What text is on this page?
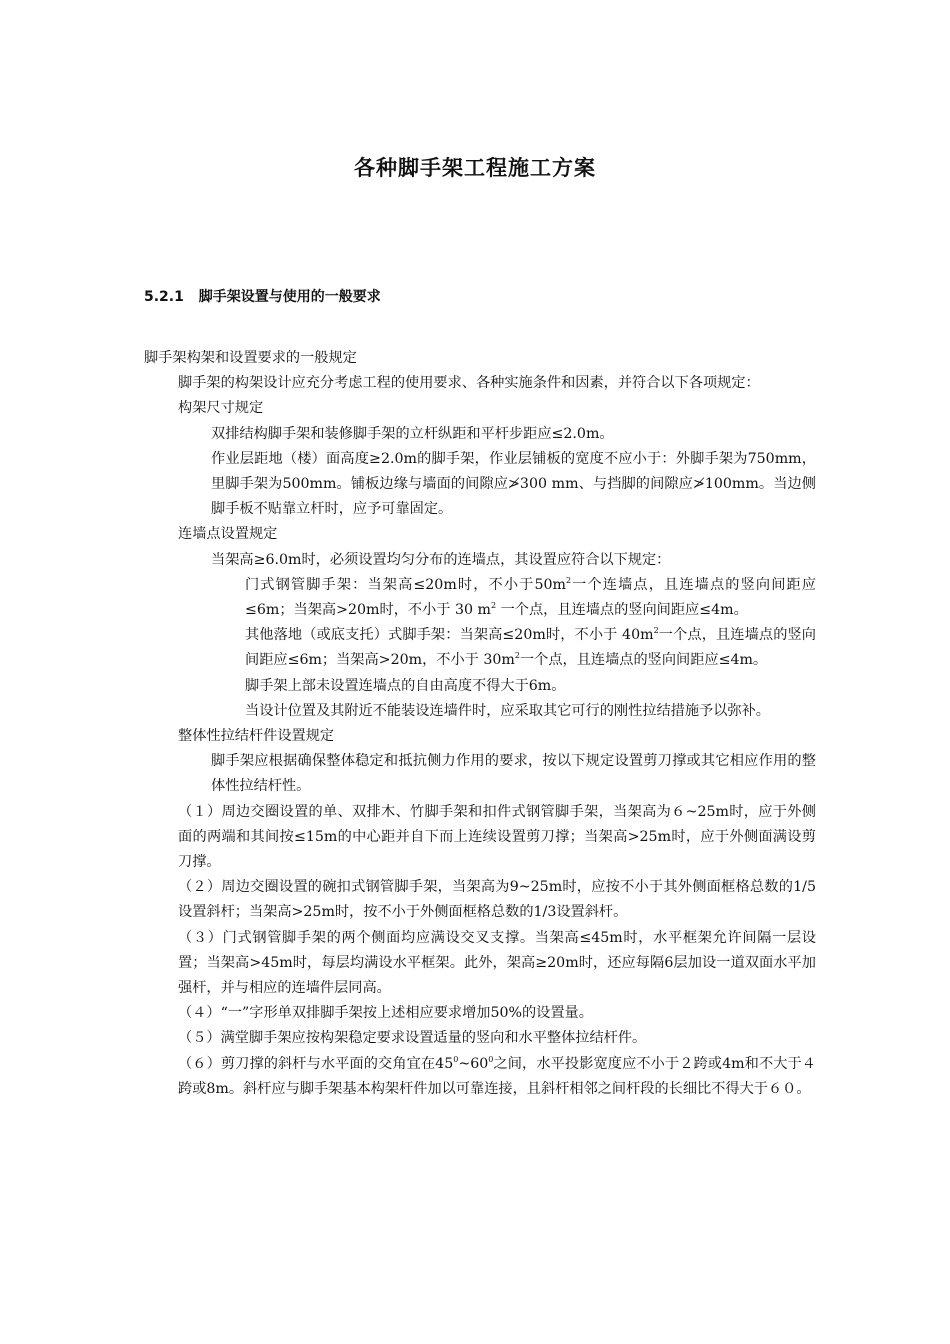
各种脚手架工程施工方案
5.2.1 脚手架设置与使用的一般要求

脚手架构架和设置要求的一般规定

脚手架的构架设计应充分考虑工程的使用要求、各种实施条件和因素，并符合以下各项规定：

构架尺寸规定

双排结构脚手架和装修脚手架的立杆纵距和平杆步距应≤2.0m。

作业层距地（楼）面高度≥2.0m的脚手架，作业层铺板的宽度不应小于：外脚手架为750mm，里脚手架为500mm。铺板边缘与墙面的间隙应≯300 mm、与挡脚的间隙应≯100mm。当边侧脚手板不贴靠立杆时，应予可靠固定。

连墙点设置规定

当架高≥6.0m时，必须设置均匀分布的连墙点，其设置应符合以下规定：

门式钢管脚手架：当架高≤20m时，不小于$50m^2$一个连墙点，且连墙点的竖向间距应≤6m；当架高>20m时，不小于 30 $m^2$ 一个点，且连墙点的竖向间距应≤4m。

其他落地（或底支托）式脚手架：当架高≤20m时，不小于 $40m^2$一个点，且连墙点的竖向间距应≤6m；当架高>20m，不小于 $30m^2$一个点，且连墙点的竖向间距应≤4m。

脚手架上部未设置连墙点的自由高度不得大于6m。

当设计位置及其附近不能装设连墙件时，应采取其它可行的刚性拉结措施予以弥补。

整体性拉结杆件设置规定

脚手架应根据确保整体稳定和抵抗侧力作用的要求，按以下规定设置剪刀撑或其它相应作用的整体性拉结杆性。

（１）周边交圈设置的单、双排木、竹脚手架和扣件式钢管脚手架，当架高为６~25m时，应于外侧面的两端和其间按≤15m的中心距并自下而上连续设置剪刀撑；当架高>25m时，应于外侧面满设剪刀撑。

（２）周边交圈设置的碗扣式钢管脚手架，当架高为9~25m时，应按不小于其外侧面框格总数的1/5设置斜杆；当架高>25m时，按不小于外侧面框格总数的1/3设置斜杆。

（３）门式钢管脚手架的两个侧面均应满设交叉支撑。当架高≤45m时，水平框架允许间隔一层设置；当架高>45m时，每层均满设水平框架。此外，架高≥20m时，还应每隔6层加设一道双面水平加强杆，并与相应的连墙件层同高。

（４）“一”字形单双排脚手架按上述相应要求增加50%的设置量。

（５）满堂脚手架应按构架稳定要求设置适量的竖向和水平整体拉结杆件。

（６）剪刀撑的斜杆与水平面的交角宜在$45^0\sim 60^0$之间，水平投影宽度应不小于２跨或4m和不大于４跨或8m。斜杆应与脚手架基本构架杆件加以可靠连接，且斜杆相邻之间杆段的长细比不得大于６０。
